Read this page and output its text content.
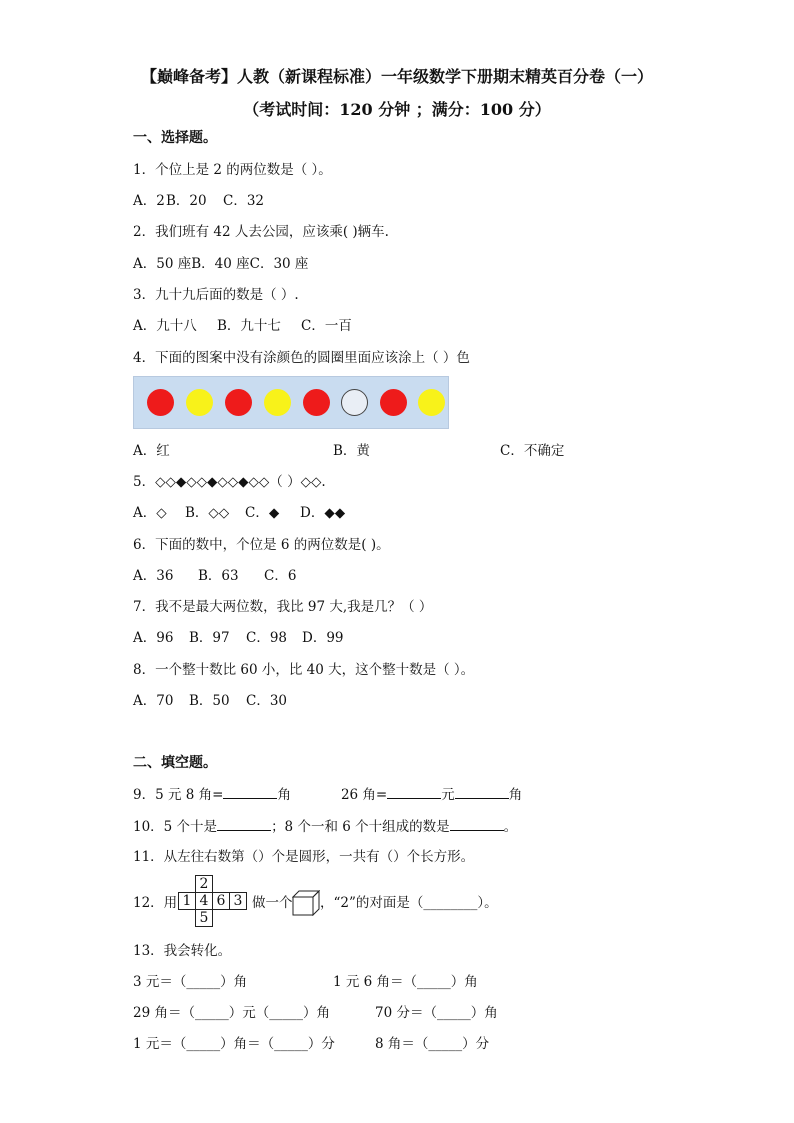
【巅峰备考】人教（新课程标准）一年级数学下册期末精英百分卷（一）
（考试时间：120 分钟 ；满分：100 分）
一、选择题。
1．个位上是 2 的两位数是（ ）。
A．2B．20 C．32
2．我们班有 42 人去公园，应该乘( )辆车.
A．50 座B．40 座C．30 座
3．九十九后面的数是（ ）.
A．九十八 B．九十七 C．一百
4．下面的图案中没有涂颜色的圆圈里面应该涂上（ ）色
A．红	B．黄	C．不确定
5．◇◇◆◇◇◆◇◇◆◇◇（ ）◇◇.
A．◇ B．◇◇ C．◆ D．◆◆
6．下面的数中，个位是 6 的两位数是( )。
A．36 B．63 C．6
7．我不是最大两位数，我比 97 大,我是几？（ ）
A．96 B．97 C．98 D．99
8．一个整十数比 60 小，比 40 大，这个整十数是（ ）。
A．70 B．50 C．30
二、填空题。
9．5 元 8 角=	角	26 角=	元	角
10．5 个十是	；8 个一和 6 个十组成的数是	。
11．从左往右数第（）个是圆形，一共有（）个长方形。
12．用
2
1 4 6 3
5
做一个 ，“2”的对面是（________）。
13．我会转化。
3 元＝（_____）角	1 元 6 角＝（_____）角
29 角＝（_____）元（_____）角	70 分＝（_____）角
1 元＝（_____）角＝（_____）分	8 角＝（_____）分
